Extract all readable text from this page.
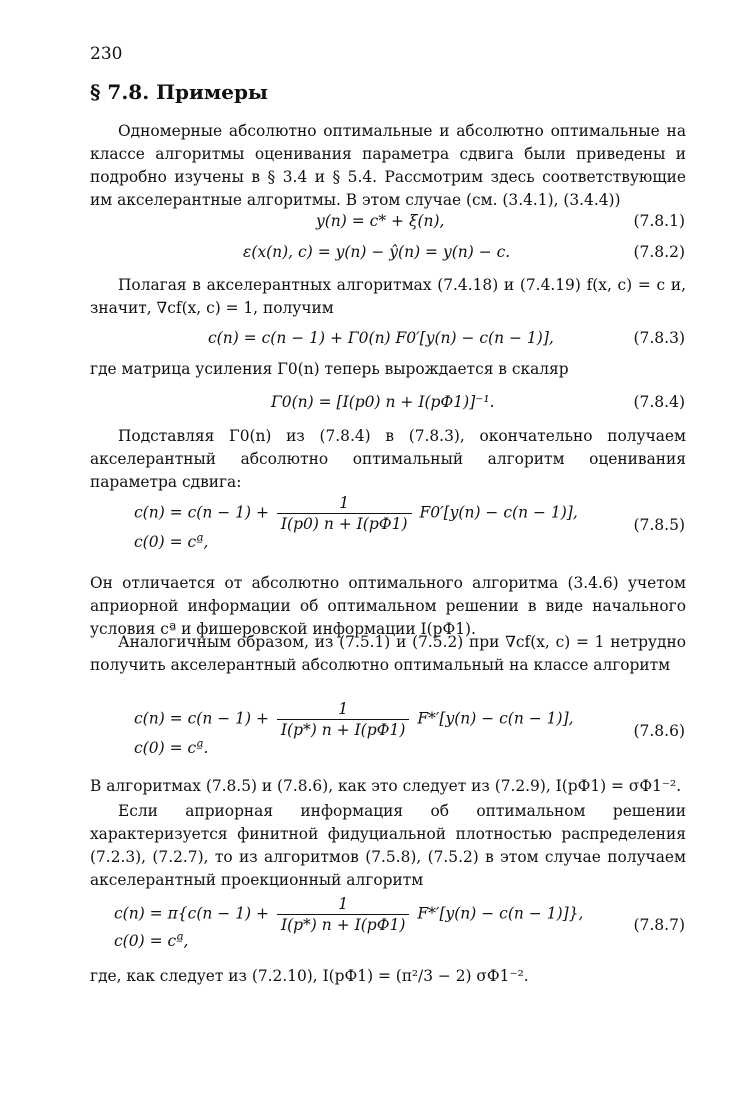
230
§ 7.8. Примеры
Одномерные абсолютно оптимальные и абсолютно оптимальные на классе алгоритмы оценивания параметра сдвига были приведены и подробно изучены в § 3.4 и § 5.4. Рассмотрим здесь соответствующие им акселерантные алгоритмы. В этом случае (см. (3.4.1), (3.4.4))
y(n) = c* + ξ(n),	(7.8.1)
ε(x(n), c) = y(n) − ŷ(n) = y(n) − c.	(7.8.2)
Полагая в акселерантных алгоритмах (7.4.18) и (7.4.19) f(x, c) = c и, значит, ∇cf(x, c) = 1, получим
c(n) = c(n − 1) + Γ0(n) F0′[y(n) − c(n − 1)],	(7.8.3)
где матрица усиления Γ0(n) теперь вырождается в скаляр
Γ0(n) = [I(p0) n + I(pФ1)]⁻¹.	(7.8.4)
Подставляя Γ0(n) из (7.8.4) в (7.8.3), окончательно получаем акселерантный абсолютно оптимальный алгоритм оценивания параметра сдвига:
$c(n) = c(n - 1) + \frac{1}{I(p0) n + I(pФ1)} F0'[y(n) - c(n - 1)]$,
c(0) = cª,
(7.8.5)
Он отличается от абсолютно оптимального алгоритма (3.4.6) учетом априорной информации об оптимальном решении в виде начального условия cª и фишеровской информации I(pФ1).
Аналогичным образом, из (7.5.1) и (7.5.2) при ∇cf(x, c) = 1 нетрудно получить акселерантный абсолютно оптимальный на классе алгоритм
$c(n) = c(n - 1) + \frac{1}{I(p*) n + I(pФ1)} F*'[y(n) - c(n - 1)]$,
c(0) = cª.
(7.8.6)
В алгоритмах (7.8.5) и (7.8.6), как это следует из (7.2.9), I(pФ1) = σФ1⁻².
Если априорная информация об оптимальном решении характеризуется финитной фидуциальной плотностью распределения (7.2.3), (7.2.7), то из алгоритмов (7.5.8), (7.5.2) в этом случае получаем акселерантный проекционный алгоритм
$c(n) = \pi\{c(n - 1) + \frac{1}{I(p*) n + I(pФ1)} F*'[y(n) - c(n - 1)]\}$,
c(0) = cª,
(7.8.7)
где, как следует из (7.2.10), I(pФ1) = (π²/3 − 2) σФ1⁻².
